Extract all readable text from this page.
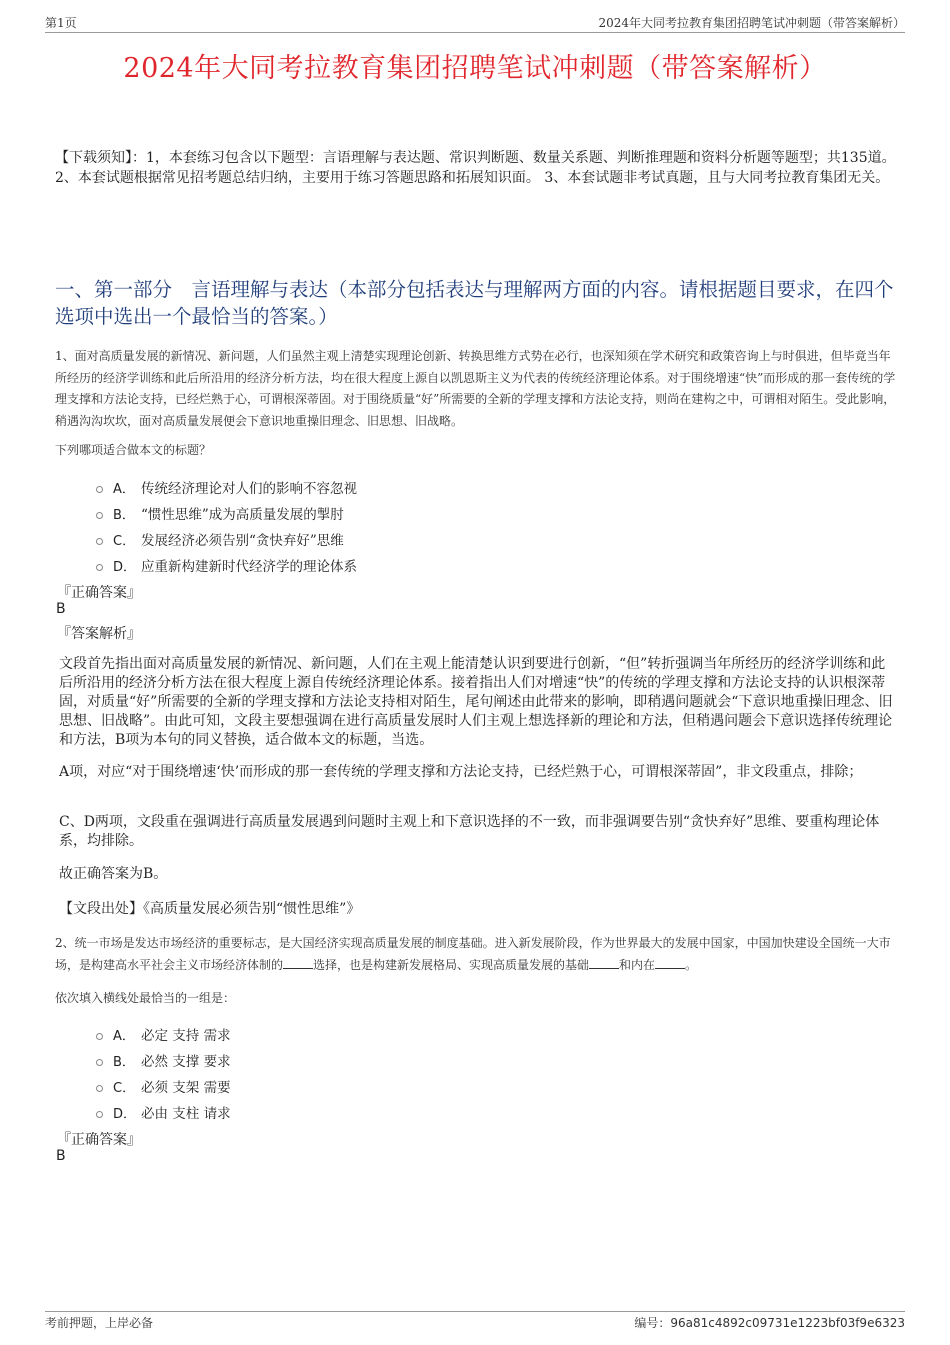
第1页	2024年大同考拉教育集团招聘笔试冲刺题（带答案解析）
2024年大同考拉教育集团招聘笔试冲刺题（带答案解析）
【下载须知】：1，本套练习包含以下题型：言语理解与表达题、常识判断题、数量关系题、判断推理题和资料分析题等题型；共135道。 2、本套试题根据常见招考题总结归纳，主要用于练习答题思路和拓展知识面。 3、本套试题非考试真题，且与大同考拉教育集团无关。
一、第一部分　言语理解与表达（本部分包括表达与理解两方面的内容。请根据题目要求，在四个选项中选出一个最恰当的答案。）
1、面对高质量发展的新情况、新问题，人们虽然主观上清楚实现理论创新、转换思维方式势在必行，也深知须在学术研究和政策咨询上与时俱进，但毕竟当年所经历的经济学训练和此后所沿用的经济分析方法，均在很大程度上源自以凯恩斯主义为代表的传统经济理论体系。对于围绕增速“快”而形成的那一套传统的学理支撑和方法论支持，已经烂熟于心，可谓根深蒂固。对于围绕质量“好”所需要的全新的学理支撑和方法论支持，则尚在建构之中，可谓相对陌生。受此影响，稍遇沟沟坎坎，面对高质量发展便会下意识地重操旧理念、旧思想、旧战略。
下列哪项适合做本文的标题？
A． 传统经济理论对人们的影响不容忽视
B． “惯性思维”成为高质量发展的掣肘
C． 发展经济必须告别“贪快弃好”思维
D． 应重新构建新时代经济学的理论体系
『正确答案』
B
『答案解析』
文段首先指出面对高质量发展的新情况、新问题，人们在主观上能清楚认识到要进行创新，“但”转折强调当年所经历的经济学训练和此后所沿用的经济分析方法在很大程度上源自传统经济理论体系。接着指出人们对增速“快”的传统的学理支撑和方法论支持的认识根深蒂固，对质量“好”所需要的全新的学理支撑和方法论支持相对陌生，尾句阐述由此带来的影响，即稍遇问题就会“下意识地重操旧理念、旧思想、旧战略”。由此可知，文段主要想强调在进行高质量发展时人们主观上想选择新的理论和方法，但稍遇问题会下意识选择传统理论和方法，B项为本句的同义替换，适合做本文的标题，当选。
A项，对应“对于围绕增速‘快’而形成的那一套传统的学理支撑和方法论支持，已经烂熟于心，可谓根深蒂固”，非文段重点，排除；
C、D两项，文段重在强调进行高质量发展遇到问题时主观上和下意识选择的不一致，而非强调要告别“贪快弃好”思维、要重构理论体系，均排除。
故正确答案为B。
【文段出处】《高质量发展必须告别“惯性思维”》
2、统一市场是发达市场经济的重要标志，是大国经济实现高质量发展的制度基础。进入新发展阶段，作为世界最大的发展中国家，中国加快建设全国统一大市场，是构建高水平社会主义市场经济体制的	选择，也是构建新发展格局、实现高质量发展的基础	和内在	。
依次填入横线处最恰当的一组是：
A． 必定 支持 需求
B． 必然 支撑 要求
C． 必须 支架 需要
D． 必由 支柱 请求
『正确答案』
B
考前押题，上岸必备	编号：96a81c4892c09731e1223bf03f9e6323
